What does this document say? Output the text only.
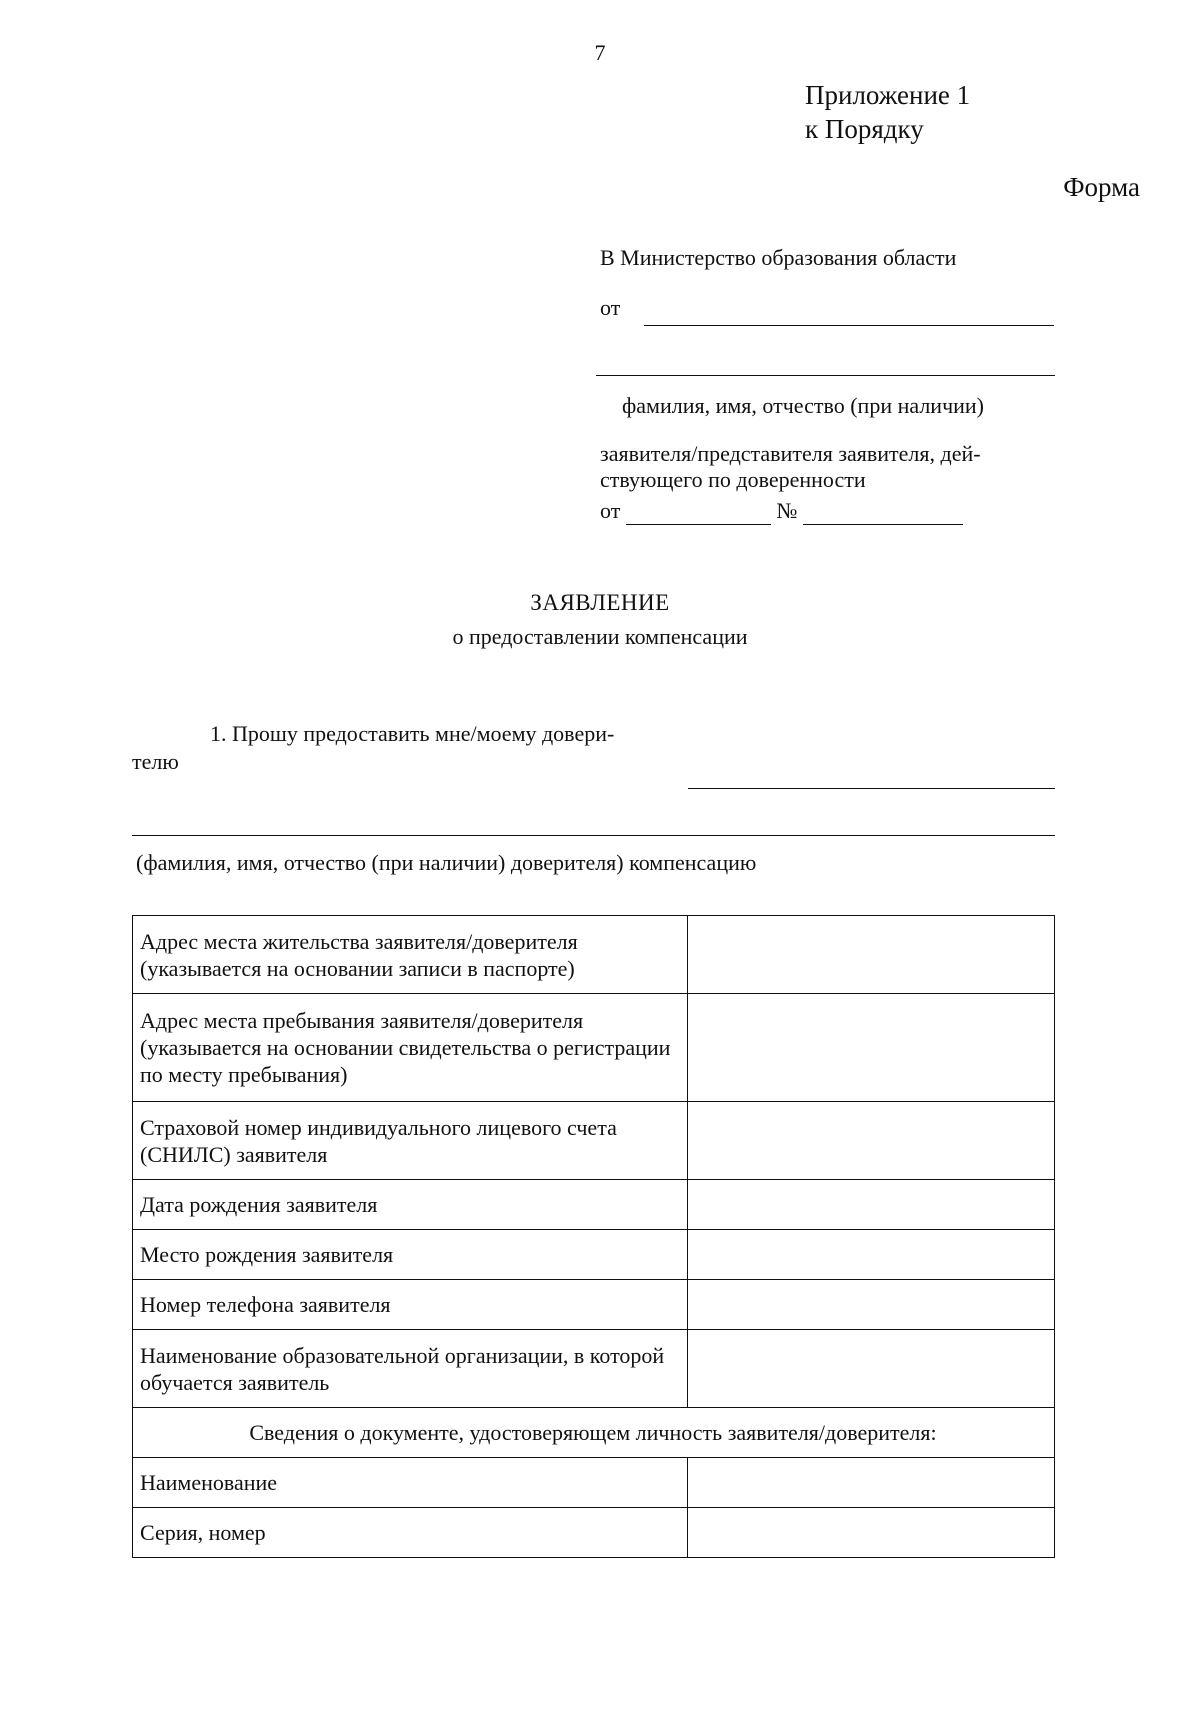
7
Приложение 1
к Порядку
Форма
В Министерство образования области
от
фамилия, имя, отчество (при наличии)
заявителя/представителя заявителя, дей-ствующего по доверенности
от	№
ЗАЯВЛЕНИЕ
о предоставлении компенсации
1. Прошу предоставить мне/моему довери-
телю
(фамилия, имя, отчество (при наличии) доверителя) компенсацию
Адрес места жительства заявителя/доверителя (указывается на основании записи в паспорте)	
Адрес места пребывания заявителя/доверителя (указывается на основании свидетельства о регистрации по месту пребывания)	
Страховой номер индивидуального лицевого счета (СНИЛС) заявителя	
Дата рождения заявителя	
Место рождения заявителя	
Номер телефона заявителя	
Наименование образовательной организации, в которой обучается заявитель	
Сведения о документе, удостоверяющем личность заявителя/доверителя:	
Наименование	
Серия, номер	
